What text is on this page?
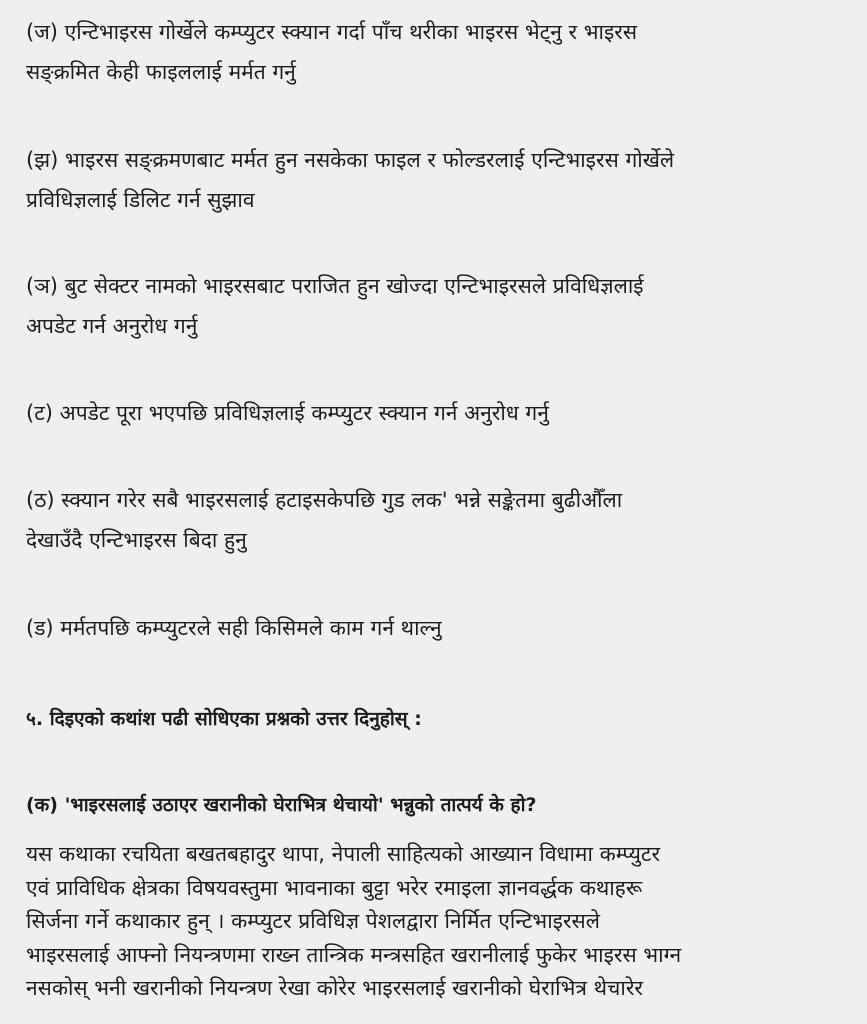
(ज) एन्टिभाइरस गोर्खेले कम्प्युटर स्क्यान गर्दा पाँच थरीका भाइरस भेट्नु र भाइरस
सङ्क्रमित केही फाइललाई मर्मत गर्नु
(झ) भाइरस सङ्क्रमणबाट मर्मत हुन नसकेका फाइल र फोल्डरलाई एन्टिभाइरस गोर्खेले
प्रविधिज्ञलाई डिलिट गर्न सुझाव
(ञ) बुट सेक्टर नामको भाइरसबाट पराजित हुन खोज्दा एन्टिभाइरसले प्रविधिज्ञलाई
अपडेट गर्न अनुरोध गर्नु
(ट) अपडेट पूरा भएपछि प्रविधिज्ञलाई कम्प्युटर स्क्यान गर्न अनुरोध गर्नु
(ठ) स्क्यान गरेर सबै भाइरसलाई हटाइसकेपछि गुड लक' भन्ने सङ्केतमा बुढीऔँला
देखाउँदै एन्टिभाइरस बिदा हुनु
(ड) मर्मतपछि कम्प्युटरले सही किसिमले काम गर्न थाल्नु
५. दिइएको कथांश पढी सोधिएका प्रश्नको उत्तर दिनुहोस् :
(क) 'भाइरसलाई उठाएर खरानीको घेराभित्र थेचायो' भन्नुको तात्पर्य के हो?
यस कथाका रचयिता बखतबहादुर थापा, नेपाली साहित्यको आख्यान विधामा कम्प्युटर
एवं प्राविधिक क्षेत्रका विषयवस्तुमा भावनाका बुट्टा भरेर रमाइला ज्ञानवर्द्धक कथाहरू
सिर्जना गर्ने कथाकार हुन् । कम्प्युटर प्रविधिज्ञ पेशलद्वारा निर्मित एन्टिभाइरसले
भाइरसलाई आफ्नो नियन्त्रणमा राख्न तान्त्रिक मन्त्रसहित खरानीलाई फुकेर भाइरस भाग्न
नसकोस् भनी खरानीको नियन्त्रण रेखा कोरेर भाइरसलाई खरानीको घेराभित्र थेचारेर
